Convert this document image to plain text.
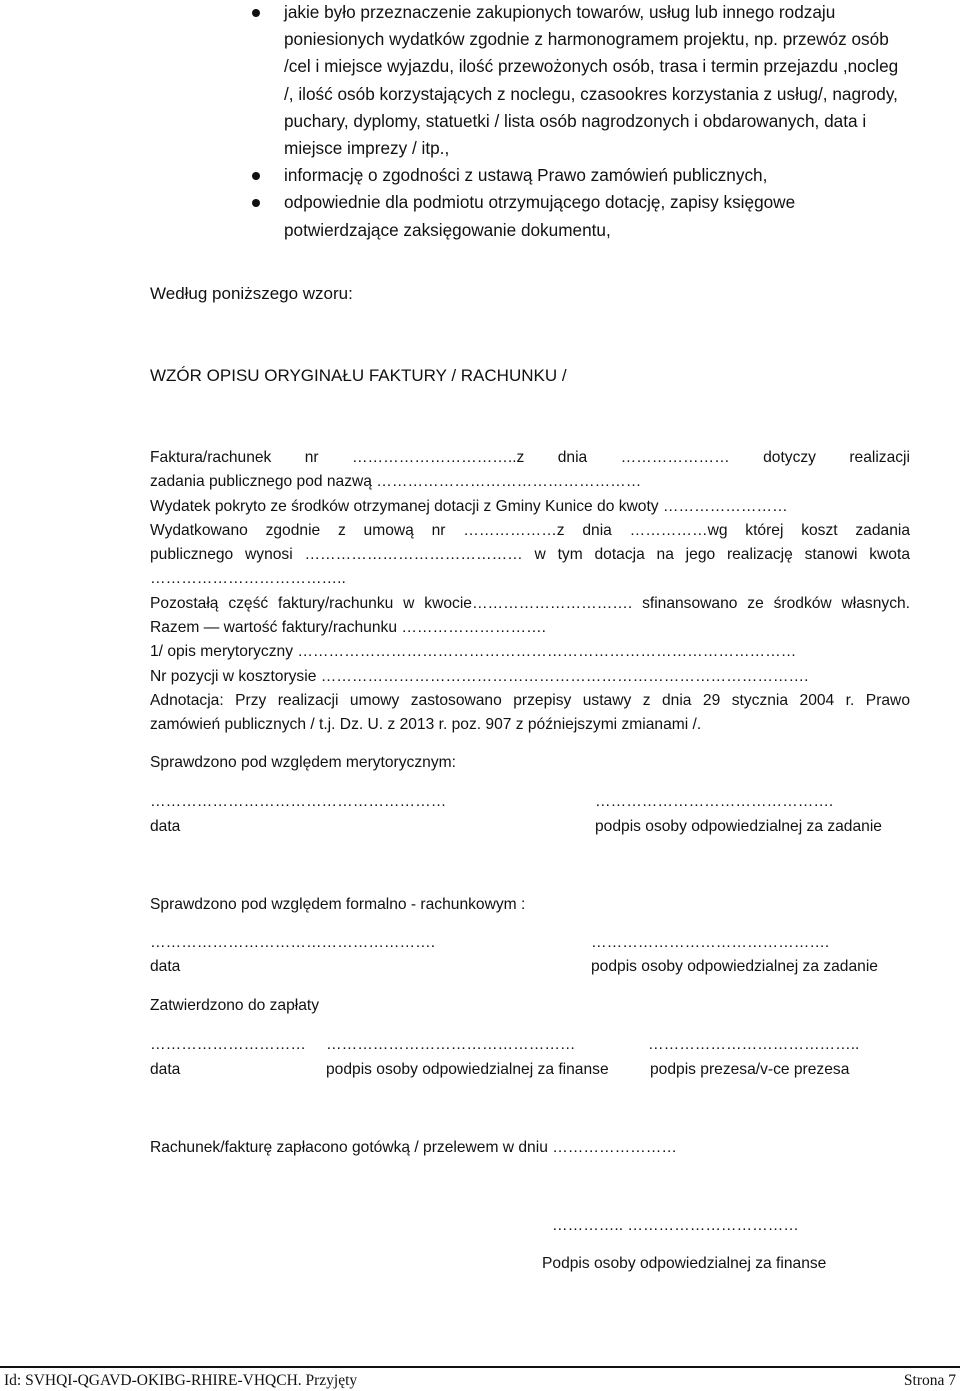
jakie było przeznaczenie zakupionych towarów, usług lub innego rodzaju poniesionych wydatków zgodnie z harmonogramem projektu, np. przewóz osób /cel i miejsce wyjazdu, ilość przewożonych osób, trasa i termin przejazdu ,nocleg /, ilość osób korzystających z noclegu, czasookres korzystania z usług/, nagrody, puchary, dyplomy, statuetki / lista osób nagrodzonych i obdarowanych, data i miejsce imprezy / itp.,
informację o zgodności z ustawą Prawo zamówień publicznych,
odpowiednie dla podmiotu otrzymującego dotację, zapisy księgowe potwierdzające zaksięgowanie dokumentu,
Według poniższego wzoru:
WZÓR OPISU ORYGINAŁU FAKTURY / RACHUNKU /
Faktura/rachunek nr …………………………..z dnia ………………… dotyczy realizacji
zadania publicznego pod nazwą ……………………………………………
Wydatek pokryto ze środków otrzymanej dotacji z Gminy Kunice do kwoty ……………………
Wydatkowano zgodnie z umową nr ………………z dnia ……………wg której koszt zadania
publicznego wynosi …………………………………… w tym dotacja na jego realizację stanowi kwota
………………………………..
Pozostałą część faktury/rachunku w kwocie…………………………. sfinansowano ze środków własnych.
Razem — wartość faktury/rachunku ……………………….
1/ opis merytoryczny ……………………………………………………………………………………
Nr pozycji w kosztorysie ………………………………………………………………………………….
Adnotacja: Przy realizacji umowy zastosowano przepisy ustawy z dnia 29 stycznia 2004 r. Prawo
zamówień publicznych / t.j. Dz. U. z 2013 r. poz. 907 z późniejszymi zmianami /.
Sprawdzono pod względem merytorycznym:
…………………………………………………	……………………………………….
data	podpis osoby odpowiedzialnej za zadanie
Sprawdzono pod względem formalno - rachunkowym :
……………………………………………….	……………………………………….
data	podpis osoby odpowiedzialnej za zadanie
Zatwierdzono do zapłaty
………………………… …………………………………………	…………………………………..
data	podpis osoby odpowiedzialnej za finanse	podpis prezesa/v-ce prezesa
Rachunek/fakturę zapłacono gotówką / przelewem w dniu ……………………
………….. ……………………………
Podpis osoby odpowiedzialnej za finanse
Id: SVHQI-QGAVD-OKIBG-RHIRE-VHQCH. Przyjęty	Strona 7
